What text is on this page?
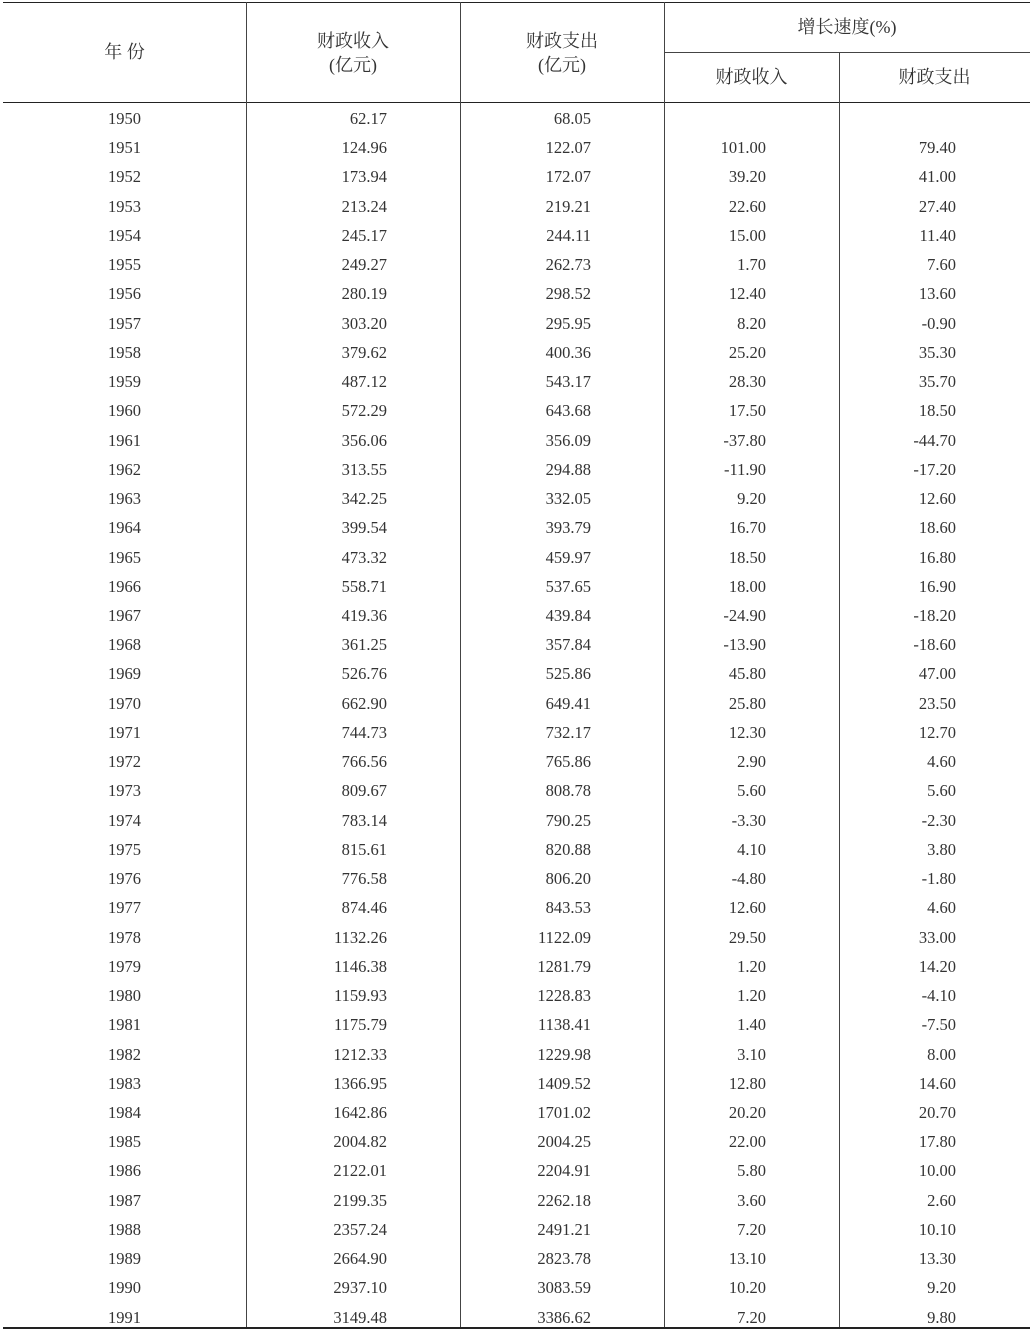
年 份
财政收入
(亿元)
财政支出
(亿元)
增长速度(%)
财政收入	财政支出
1950	62.17	68.05
1951	124.96	122.07	101.00	79.40
1952	173.94	172.07	39.20	41.00
1953	213.24	219.21	22.60	27.40
1954	245.17	244.11	15.00	11.40
1955	249.27	262.73	1.70	7.60
1956	280.19	298.52	12.40	13.60
1957	303.20	295.95	8.20	-0.90
1958	379.62	400.36	25.20	35.30
1959	487.12	543.17	28.30	35.70
1960	572.29	643.68	17.50	18.50
1961	356.06	356.09	-37.80	-44.70
1962	313.55	294.88	-11.90	-17.20
1963	342.25	332.05	9.20	12.60
1964	399.54	393.79	16.70	18.60
1965	473.32	459.97	18.50	16.80
1966	558.71	537.65	18.00	16.90
1967	419.36	439.84	-24.90	-18.20
1968	361.25	357.84	-13.90	-18.60
1969	526.76	525.86	45.80	47.00
1970	662.90	649.41	25.80	23.50
1971	744.73	732.17	12.30	12.70
1972	766.56	765.86	2.90	4.60
1973	809.67	808.78	5.60	5.60
1974	783.14	790.25	-3.30	-2.30
1975	815.61	820.88	4.10	3.80
1976	776.58	806.20	-4.80	-1.80
1977	874.46	843.53	12.60	4.60
1978	1132.26	1122.09	29.50	33.00
1979	1146.38	1281.79	1.20	14.20
1980	1159.93	1228.83	1.20	-4.10
1981	1175.79	1138.41	1.40	-7.50
1982	1212.33	1229.98	3.10	8.00
1983	1366.95	1409.52	12.80	14.60
1984	1642.86	1701.02	20.20	20.70
1985	2004.82	2004.25	22.00	17.80
1986	2122.01	2204.91	5.80	10.00
1987	2199.35	2262.18	3.60	2.60
1988	2357.24	2491.21	7.20	10.10
1989	2664.90	2823.78	13.10	13.30
1990	2937.10	3083.59	10.20	9.20
1991	3149.48	3386.62	7.20	9.80
